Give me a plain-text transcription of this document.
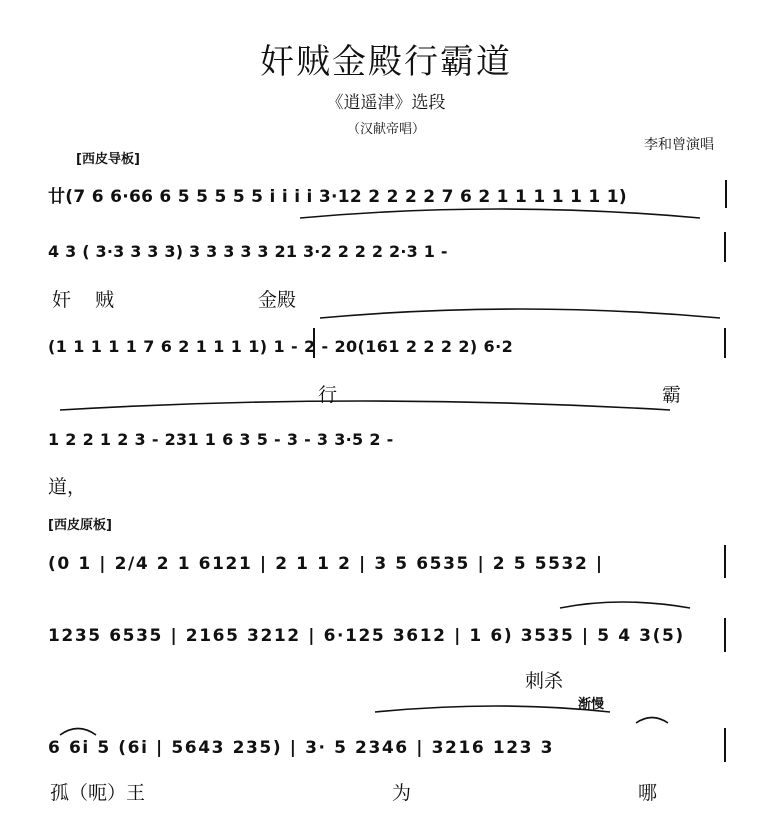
奸贼金殿行霸道
《逍遥津》选段
（汉献帝唱）
李和曾演唱
[西皮导板]
廿(7 6 6·66 6 5 5 5 5 5 i i i i 3·12 2 2 2 2 7 6 2 1 1 1 1 1 1 1)
4 3 ( 3·3 3 3 3) 3 3 3 3 3 21 3·2 2 2 2 2·3 1 -
奸 贼	金殿
(1 1 1 1 1 7 6 2 1 1 1 1) 1 - 2 - 20(161 2 2 2 2) 6·2
行	霸
1 2 2 1 2 3 - 231 1 6 3 5 - 3 - 3 3·5 2 -
道，
[西皮原板]
(0 1 | 2/4 2 1 6121 | 2 1 1 2 | 3 5 6535 | 2 5 5532 |
1235 6535 | 2165 3212 | 6·125 3612 | 1 6) 3535 | 5 4 3(5)
刺杀
渐慢
6 6i 5 (6i | 5643 235) | 3· 5 2346 | 3216 123 3
孤（呃）王	为	哪
